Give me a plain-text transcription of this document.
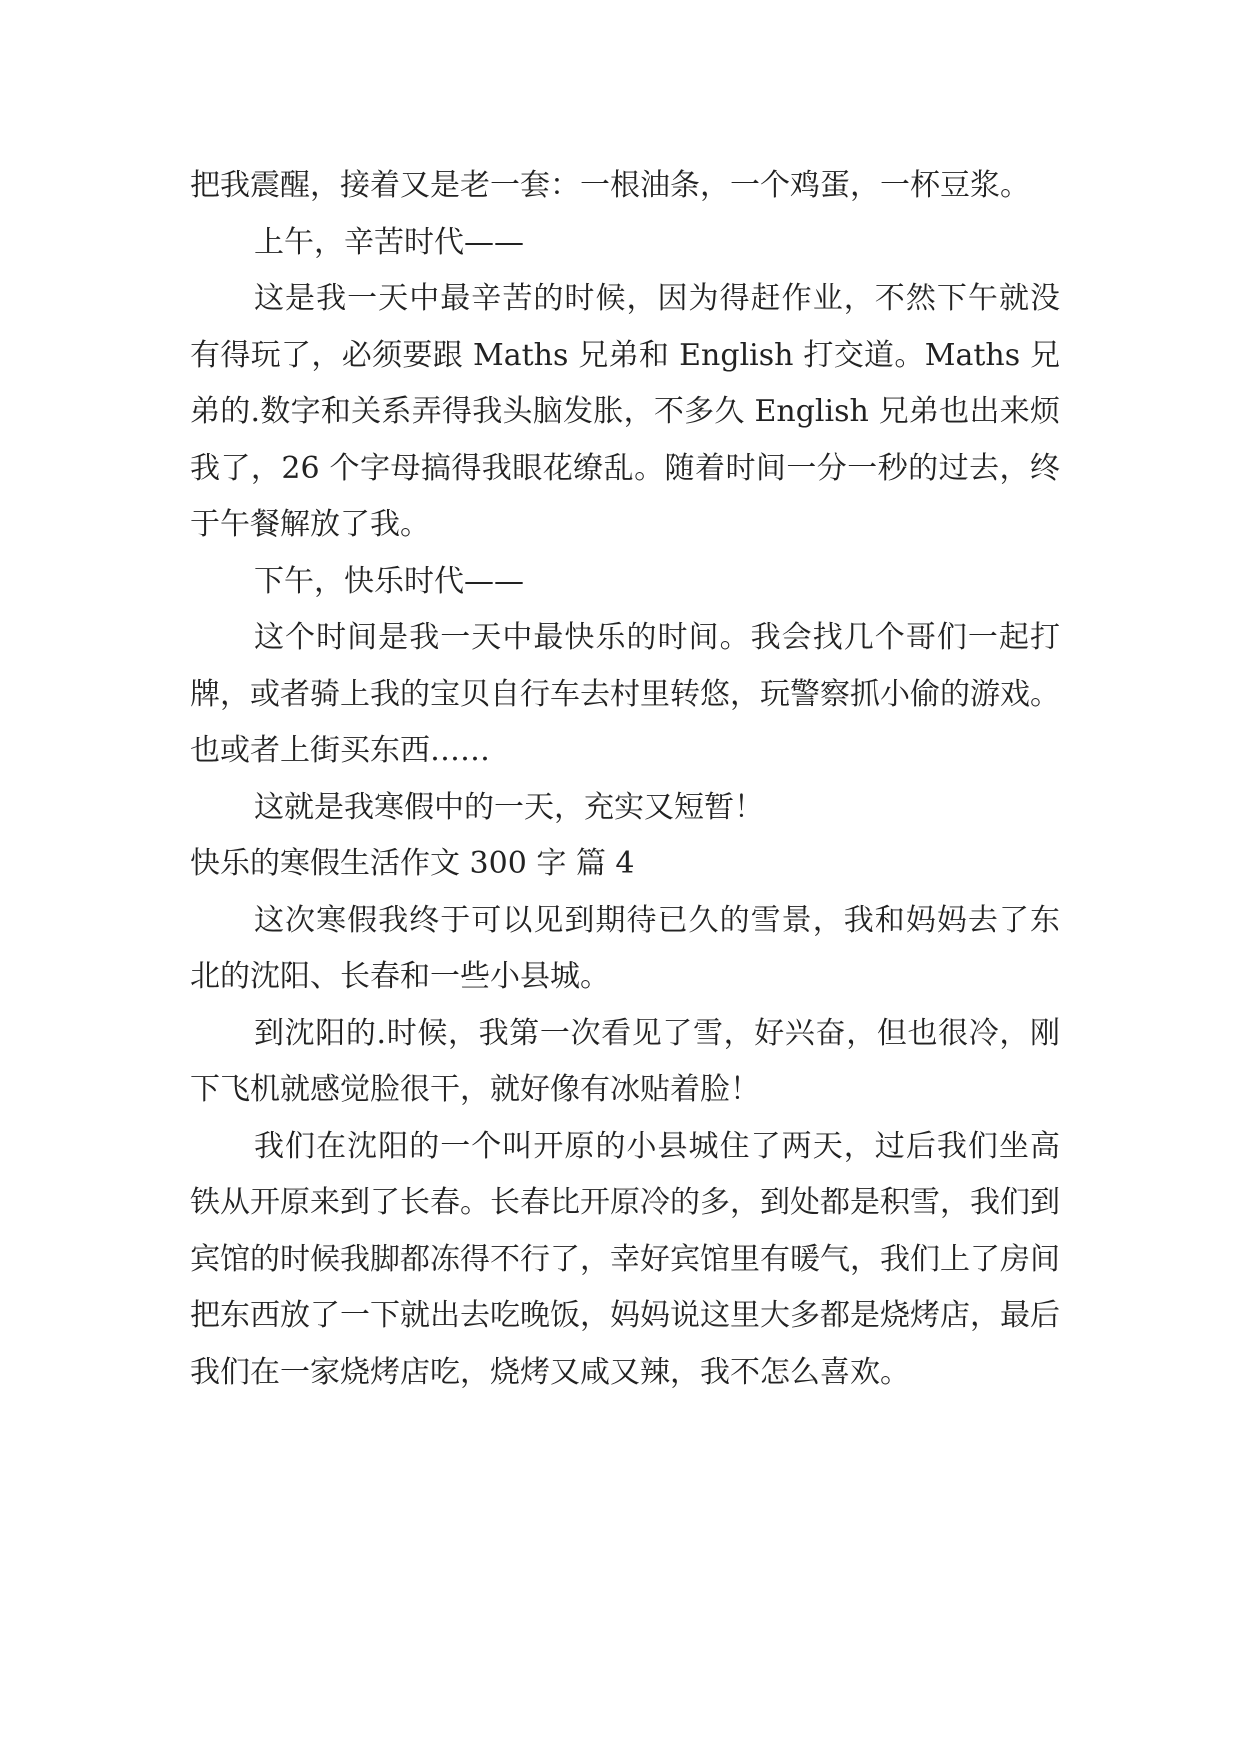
把我震醒，接着又是老一套：一根油条，一个鸡蛋，一杯豆浆。

上午，辛苦时代——

这是我一天中最辛苦的时候，因为得赶作业，不然下午就没有得玩了，必须要跟 Maths 兄弟和 English 打交道。Maths 兄弟的.数字和关系弄得我头脑发胀，不多久 English 兄弟也出来烦我了，26 个字母搞得我眼花缭乱。随着时间一分一秒的过去，终于午餐解放了我。

下午，快乐时代——

这个时间是我一天中最快乐的时间。我会找几个哥们一起打牌，或者骑上我的宝贝自行车去村里转悠，玩警察抓小偷的游戏。也或者上街买东西……

这就是我寒假中的一天，充实又短暂！

快乐的寒假生活作文 300 字 篇 4

这次寒假我终于可以见到期待已久的雪景，我和妈妈去了东北的沈阳、长春和一些小县城。

到沈阳的.时候，我第一次看见了雪，好兴奋，但也很冷，刚下飞机就感觉脸很干，就好像有冰贴着脸！

我们在沈阳的一个叫开原的小县城住了两天，过后我们坐高铁从开原来到了长春。长春比开原冷的多，到处都是积雪，我们到宾馆的时候我脚都冻得不行了，幸好宾馆里有暖气，我们上了房间把东西放了一下就出去吃晚饭，妈妈说这里大多都是烧烤店，最后我们在一家烧烤店吃，烧烤又咸又辣，我不怎么喜欢。
